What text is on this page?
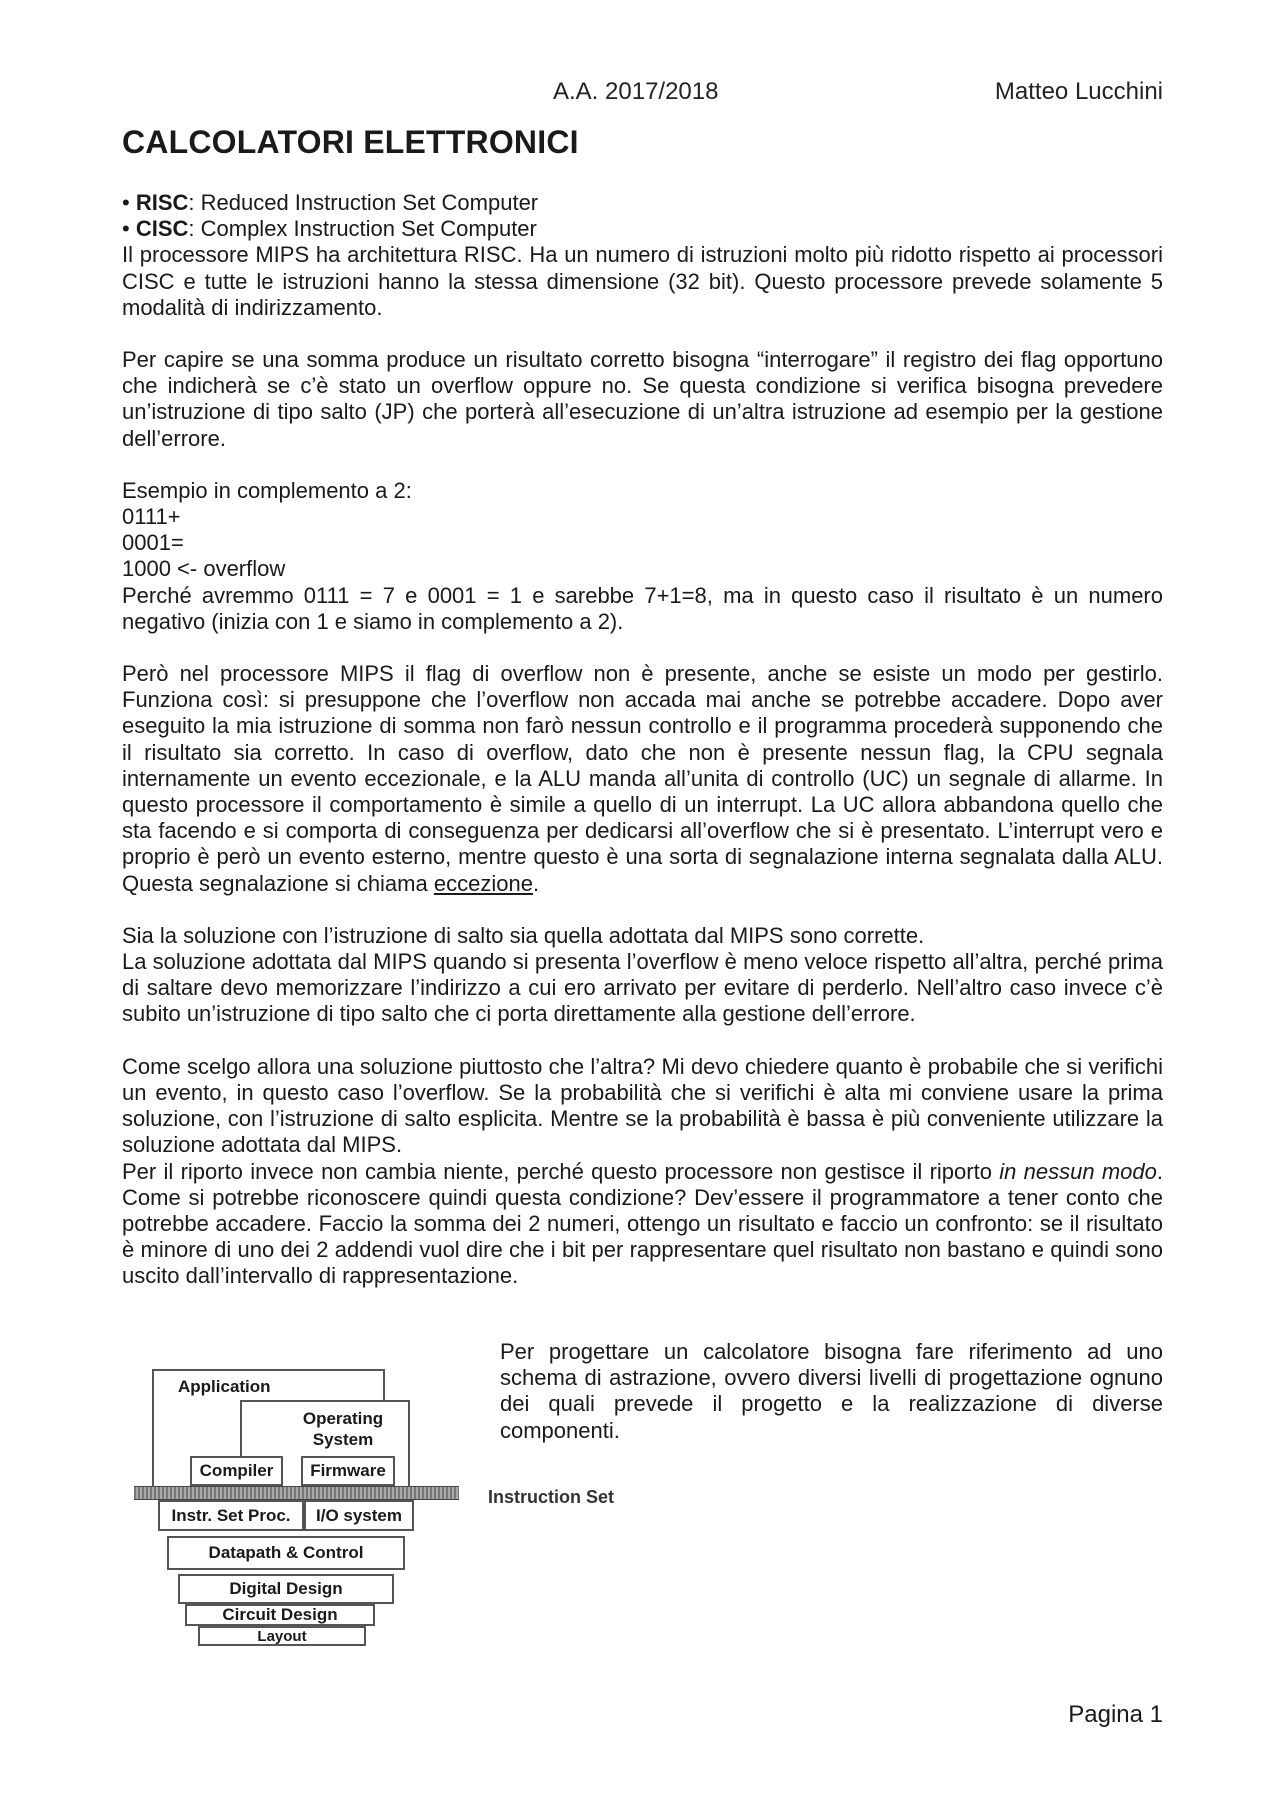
A.A. 2017/2018	Matteo Lucchini
CALCOLATORI ELETTRONICI
• RISC: Reduced Instruction Set Computer
• CISC: Complex Instruction Set Computer

Il processore MIPS ha architettura RISC. Ha un numero di istruzioni molto più ridotto rispetto ai processori CISC e tutte le istruzioni hanno la stessa dimensione (32 bit). Questo processore prevede solamente 5 modalità di indirizzamento.

Per capire se una somma produce un risultato corretto bisogna “interrogare” il registro dei flag opportuno che indicherà se c’è stato un overflow oppure no. Se questa condizione si verifica bisogna prevedere un’istruzione di tipo salto (JP) che porterà all’esecuzione di un’altra istruzione ad esempio per la gestione dell’errore.

Esempio in complemento a 2:

0111+

0001=

1000 <- overflow

Perché avremmo 0111 = 7 e 0001 = 1 e sarebbe 7+1=8, ma in questo caso il risultato è un numero negativo (inizia con 1 e siamo in complemento a 2).

Però nel processore MIPS il flag di overflow non è presente, anche se esiste un modo per gestirlo. Funziona così: si presuppone che l’overflow non accada mai anche se potrebbe accadere. Dopo aver eseguito la mia istruzione di somma non farò nessun controllo e il programma procederà supponendo che il risultato sia corretto. In caso di overflow, dato che non è presente nessun flag, la CPU segnala internamente un evento eccezionale, e la ALU manda all’unita di controllo (UC) un segnale di allarme. In questo processore il comportamento è simile a quello di un interrupt. La UC allora abbandona quello che sta facendo e si comporta di conseguenza per dedicarsi all’overflow che si è presentato. L’interrupt vero e proprio è però un evento esterno, mentre questo è una sorta di segnalazione interna segnalata dalla ALU. Questa segnalazione si chiama eccezione.

Sia la soluzione con l’istruzione di salto sia quella adottata dal MIPS sono corrette.

La soluzione adottata dal MIPS quando si presenta l’overflow è meno veloce rispetto all’altra, perché prima di saltare devo memorizzare l’indirizzo a cui ero arrivato per evitare di perderlo. Nell’altro caso invece c’è subito un’istruzione di tipo salto che ci porta direttamente alla gestione dell’errore.

Come scelgo allora una soluzione piuttosto che l’altra? Mi devo chiedere quanto è probabile che si verifichi un evento, in questo caso l’overflow. Se la probabilità che si verifichi è alta mi conviene usare la prima soluzione, con l’istruzione di salto esplicita. Mentre se la probabilità è bassa è più conveniente utilizzare la soluzione adottata dal MIPS.

Per il riporto invece non cambia niente, perché questo processore non gestisce il riporto in nessun modo. Come si potrebbe riconoscere quindi questa condizione? Dev’essere il programmatore a tener conto che potrebbe accadere. Faccio la somma dei 2 numeri, ottengo un risultato e faccio un confronto: se il risultato è minore di uno dei 2 addendi vuol dire che i bit per rappresentare quel risultato non bastano e quindi sono uscito dall’intervallo di rappresentazione.

Application
Operating System
Compiler Firmware
Instruction Set
Instr. Set Proc. I/O system
Datapath & Control
Digital Design
Circuit Design
Layout

Per progettare un calcolatore bisogna fare riferimento ad uno schema di astrazione, ovvero diversi livelli di progettazione ognuno dei quali prevede il progetto e la realizzazione di diverse componenti.

Pagina 1
